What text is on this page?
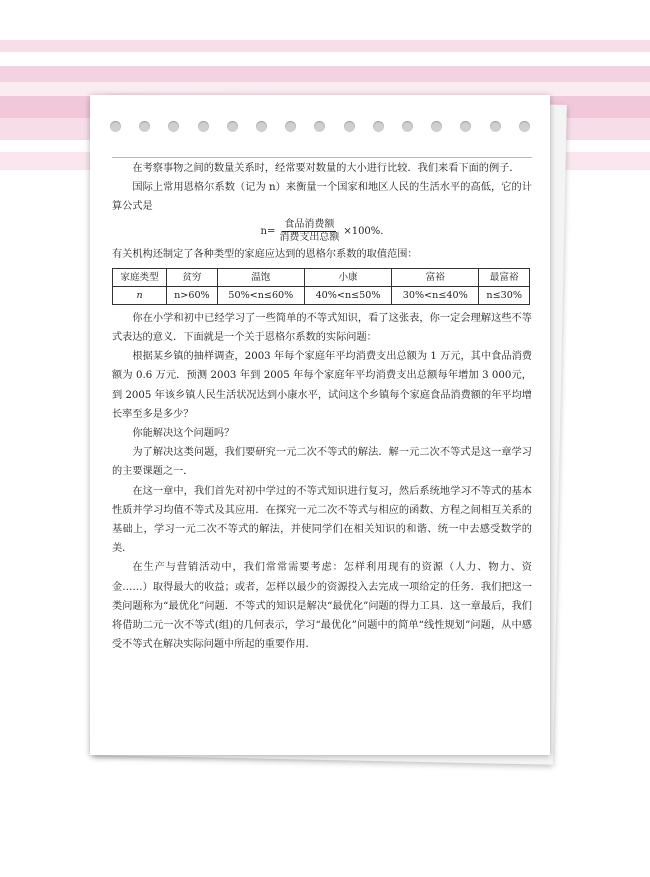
在考察事物之间的数量关系时，经常要对数量的大小进行比较．我们来看下面的例子．

国际上常用恩格尔系数（记为 n）来衡量一个国家和地区人民的生活水平的高低，它的计算公式是

$n= \frac{\text{食品消费额}}{\text{消费支出总额}} \times 100\%$.

有关机构还制定了各种类型的家庭应达到的恩格尔系数的取值范围：

家庭类型	贫穷	温饱	小康	富裕	最富裕
n	n>60%	50%<n≤60%	40%<n≤50%	30%<n≤40%	n≤30%

你在小学和初中已经学习了一些简单的不等式知识，看了这张表，你一定会理解这些不等式表达的意义．下面就是一个关于恩格尔系数的实际问题：

根据某乡镇的抽样调查，2003 年每个家庭年平均消费支出总额为 1 万元，其中食品消费额为 0.6 万元．预测 2003 年到 2005 年每个家庭年平均消费支出总额每年增加 3 000元，到 2005 年该乡镇人民生活状况达到小康水平，试问这个乡镇每个家庭食品消费额的年平均增长率至多是多少？

你能解决这个问题吗？

为了解决这类问题，我们要研究一元二次不等式的解法．解一元二次不等式是这一章学习的主要课题之一．

在这一章中，我们首先对初中学过的不等式知识进行复习，然后系统地学习不等式的基本性质并学习均值不等式及其应用．在探究一元二次不等式与相应的函数、方程之间相互关系的基础上，学习一元二次不等式的解法，并使同学们在相关知识的和谐、统一中去感受数学的美．

在生产与营销活动中，我们常常需要考虑：怎样利用现有的资源（人力、物力、资金……）取得最大的收益；或者，怎样以最少的资源投入去完成一项给定的任务．我们把这一类问题称为“最优化”问题．不等式的知识是解决“最优化”问题的得力工具．这一章最后，我们将借助二元一次不等式(组)的几何表示，学习“最优化”问题中的简单“线性规划”问题，从中感受不等式在解决实际问题中所起的重要作用．
